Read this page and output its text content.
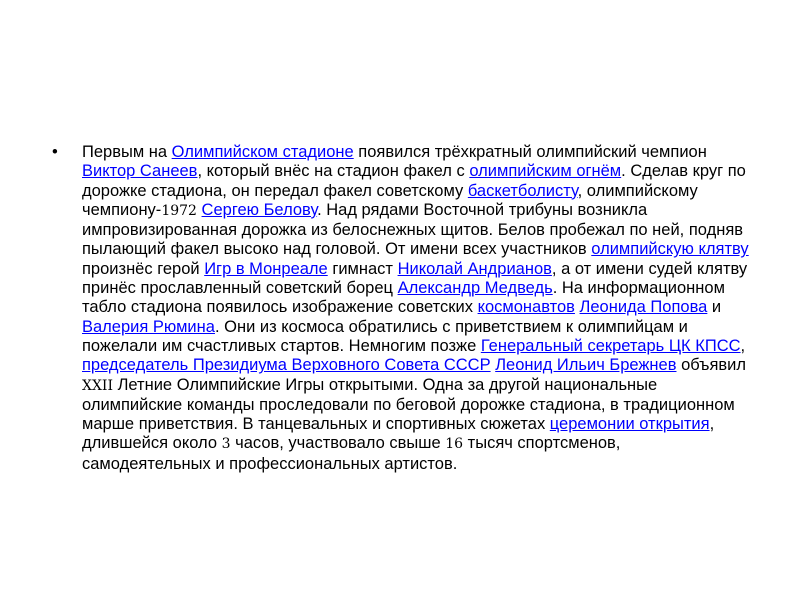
• Первым на Олимпийском стадионе появился трёхкратный олимпийский чемпион Виктор Санеев, который внёс на стадион факел с олимпийским огнём. Сделав круг по дорожке стадиона, он передал факел советскому баскетболисту, олимпийскому чемпиону-1972 Сергею Белову. Над рядами Восточной трибуны возникла импровизированная дорожка из белоснежных щитов. Белов пробежал по ней, подняв пылающий факел высоко над головой. От имени всех участников олимпийскую клятву произнёс герой Игр в Монреале гимнаст Николай Андрианов, а от имени судей клятву принёс прославленный советский борец Александр Медведь. На информационном табло стадиона появилось изображение советских космонавтов Леонида Попова и Валерия Рюмина. Они из космоса обратились с приветствием к олимпийцам и пожелали им счастливых стартов. Немногим позже Генеральный секретарь ЦК КПСС, председатель Президиума Верховного Совета СССР Леонид Ильич Брежнев объявил XXII Летние Олимпийские Игры открытыми. Одна за другой национальные олимпийские команды проследовали по беговой дорожке стадиона, в традиционном марше приветствия. В танцевальных и спортивных сюжетах церемонии открытия, длившейся около 3 часов, участвовало свыше 16 тысяч спортсменов, самодеятельных и профессиональных артистов.
